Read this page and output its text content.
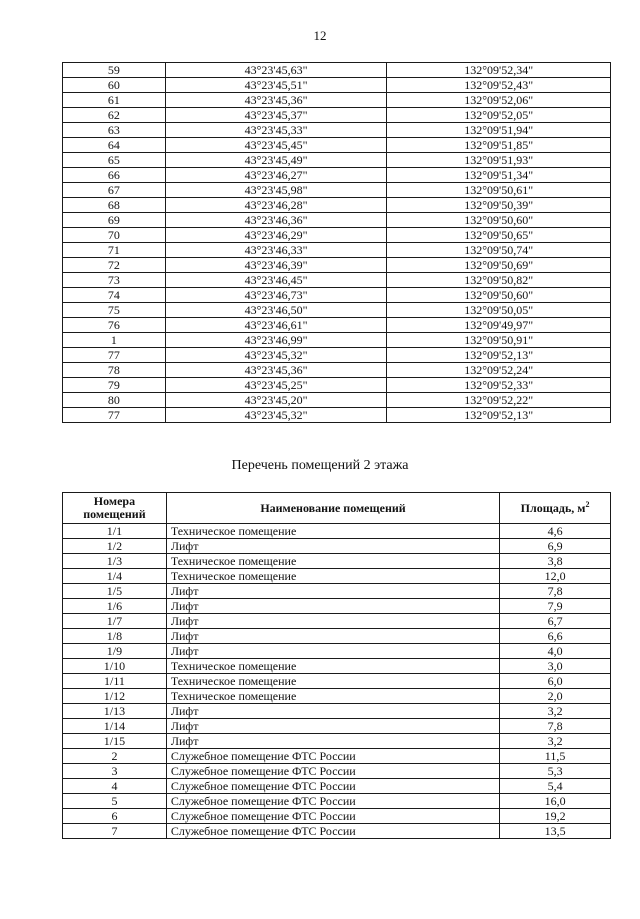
12
59	43°23'45,63"	132°09'52,34"
60	43°23'45,51"	132°09'52,43"
61	43°23'45,36"	132°09'52,06"
62	43°23'45,37"	132°09'52,05"
63	43°23'45,33"	132°09'51,94"
64	43°23'45,45"	132°09'51,85"
65	43°23'45,49"	132°09'51,93"
66	43°23'46,27"	132°09'51,34"
67	43°23'45,98"	132°09'50,61"
68	43°23'46,28"	132°09'50,39"
69	43°23'46,36"	132°09'50,60"
70	43°23'46,29"	132°09'50,65"
71	43°23'46,33"	132°09'50,74"
72	43°23'46,39"	132°09'50,69"
73	43°23'46,45"	132°09'50,82"
74	43°23'46,73"	132°09'50,60"
75	43°23'46,50"	132°09'50,05"
76	43°23'46,61"	132°09'49,97"
1	43°23'46,99"	132°09'50,91"
77	43°23'45,32"	132°09'52,13"
78	43°23'45,36"	132°09'52,24"
79	43°23'45,25"	132°09'52,33"
80	43°23'45,20"	132°09'52,22"
77	43°23'45,32"	132°09'52,13"
Перечень помещений 2 этажа
Номера помещений	Наименование помещений	Площадь, $м^2$
1/1	Техническое помещение	4,6
1/2	Лифт	6,9
1/3	Техническое помещение	3,8
1/4	Техническое помещение	12,0
1/5	Лифт	7,8
1/6	Лифт	7,9
1/7	Лифт	6,7
1/8	Лифт	6,6
1/9	Лифт	4,0
1/10	Техническое помещение	3,0
1/11	Техническое помещение	6,0
1/12	Техническое помещение	2,0
1/13	Лифт	3,2
1/14	Лифт	7,8
1/15	Лифт	3,2
2	Служебное помещение ФТС России	11,5
3	Служебное помещение ФТС России	5,3
4	Служебное помещение ФТС России	5,4
5	Служебное помещение ФТС России	16,0
6	Служебное помещение ФТС России	19,2
7	Служебное помещение ФТС России	13,5
